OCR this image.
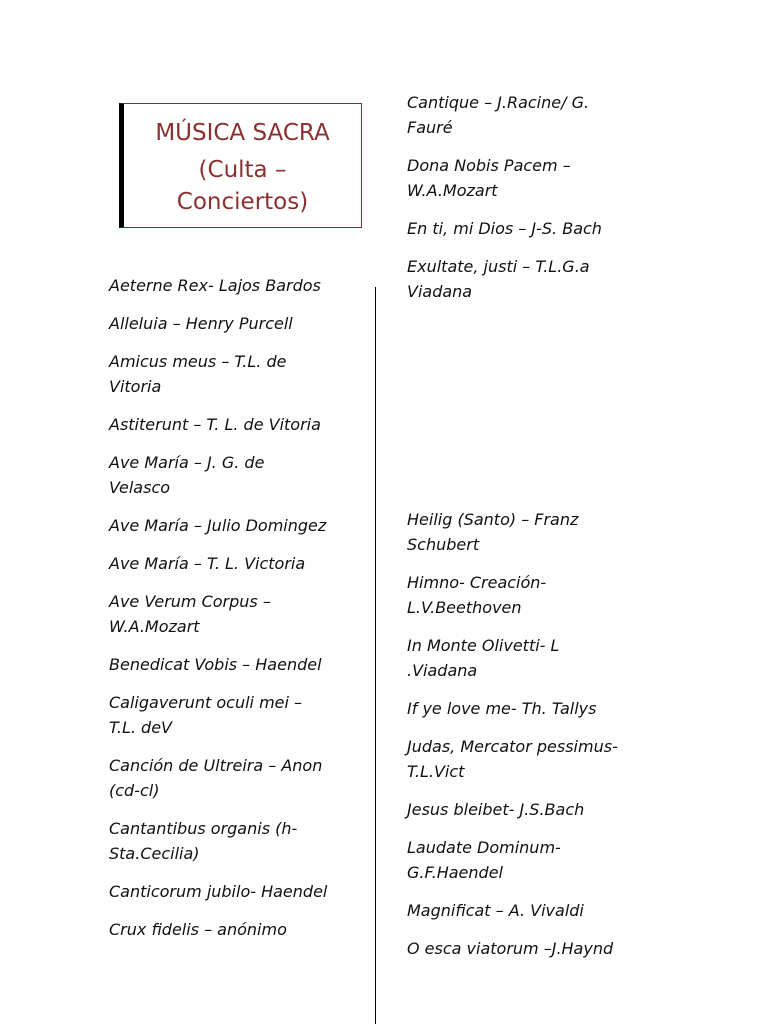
MÚSICA SACRA
(Culta –
Conciertos)
Aeterne Rex- Lajos Bardos
Alleluia – Henry Purcell
Amicus meus – T.L. de
Vitoria
Astiterunt – T. L. de Vitoria
Ave María – J. G. de
Velasco
Ave María – Julio Domingez
Ave María – T. L. Victoria
Ave Verum Corpus –
W.A.Mozart
Benedicat Vobis – Haendel
Caligaverunt oculi mei –
T.L. deV
Canción de Ultreira – Anon
(cd-cl)
Cantantibus organis (h-
Sta.Cecilia)
Canticorum jubilo- Haendel
Crux fidelis – anónimo
Cantique – J.Racine/ G.
Fauré
Dona Nobis Pacem –
W.A.Mozart
En ti, mi Dios – J-S. Bach
Exultate, justi – T.L.G.a
Viadana
Heilig (Santo) – Franz
Schubert
Himno- Creación-
L.V.Beethoven
In Monte Olivetti- L
.Viadana
If ye love me- Th. Tallys
Judas, Mercator pessimus-
T.L.Vict
Jesus bleibet- J.S.Bach
Laudate Dominum-
G.F.Haendel
Magnificat – A. Vivaldi
O esca viatorum –J.Haynd
